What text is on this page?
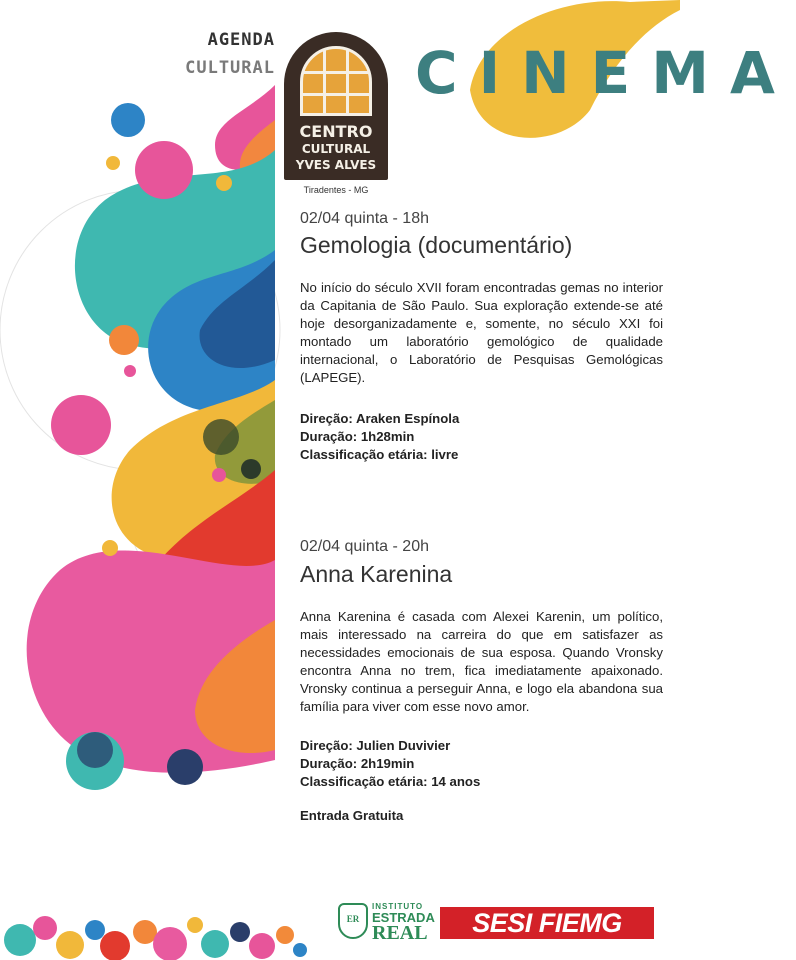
AGENDA
CULTURAL
CENTRO
CULTURAL
YVES ALVES
Tiradentes - MG
CINEMA
02/04 quinta - 18h
Gemologia (documentário)
No início do século XVII foram encontradas gemas no interior da Capitania de São Paulo. Sua exploração extende-se até hoje desorganizadamente e, somente, no século XXI foi montado um laboratório gemológico de qualidade internacional, o Laboratório de Pesquisas Gemológicas (LAPEGE).
Direção: Araken Espínola
Duração: 1h28min
Classificação etária: livre
02/04 quinta - 20h
Anna Karenina
Anna Karenina é casada com Alexei Karenin, um político, mais interessado na carreira do que em satisfazer as necessidades emocionais de sua esposa. Quando Vronsky encontra Anna no trem, fica imediatamente apaixonado. Vronsky continua a perseguir Anna, e logo ela abandona sua família para viver com esse novo amor.
Direção: Julien Duvivier
Duração: 2h19min
Classificação etária: 14 anos
Entrada Gratuita
ER
INSTITUTO
ESTRADA
REAL	SESI FIEMG
